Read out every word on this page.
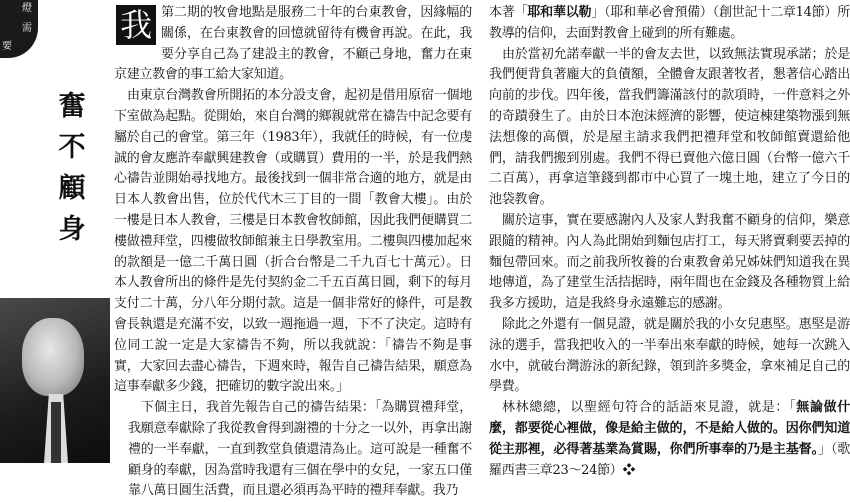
燈
需
要
奮
不
顧
身
我 第二期的牧會地點是服務二十年的台東教會，因緣幅的關係，在台東教會的回憶就留待有機會再說。在此，我要分享自己為了建設主的教會，不顧己身地，奮力在東京建立教會的事工給大家知道。

由東京台灣教會所開拓的本分設支會，起初是借用原宿一個地下室做為起點。從開始，來自台灣的鄉親就常在禱告中記念要有屬於自己的會堂。第三年（1983年），我就任的時候，有一位虔誠的會友應許奉獻興建教會（或購買）費用的一半，於是我們熱心禱告並開始尋找地方。最後找到一個非常合適的地方，就是由日本人教會出售，位於代代木三丁目的一間「教會大樓」。由於一樓是日本人教會，三樓是日本教會牧師館，因此我們便購買二樓做禮拜堂，四樓做牧師館兼主日學教室用。二樓與四樓加起來的款額是一億二千萬日圓（折合台幣是二千九百七十萬元）。日本人教會所出的條件是先付契約金二千五百萬日圓，剩下的每月支付二十萬，分八年分期付款。這是一個非常好的條件，可是教會長執還是充滿不安，以致一週拖過一週，下不了決定。這時有位同工說一定是大家禱告不夠，所以我就說：「禱告不夠是事實，大家回去盡心禱告，下週來時，報告自己禱告結果，願意為這事奉獻多少錢，把確切的數字說出來。」

下個主日，我首先報告自己的禱告結果：「為購買禮拜堂，我願意奉獻除了我從教會得到謝禮的十分之一以外，再拿出謝禮的一半奉獻，一直到教堂負債還清為止。這可說是一種奮不顧身的奉獻，因為當時我還有三個在學中的女兒，一家五口僅靠八萬日圓生活費，而且還必須再為平時的禮拜奉獻。我乃

本著「耶和華以勒」（耶和華必會預備）（創世記十二章14節）所教導的信仰，去面對教會上碰到的所有難處。

由於當初允諾奉獻一半的會友去世，以致無法實現承諾；於是我們便背負著龐大的負債額，全體會友跟著牧者，懇著信心踏出向前的步伐。四年後，當我們籌滿該付的款項時，一件意料之外的奇蹟發生了。由於日本泡沫經濟的影響，使這棟建築物漲到無法想像的高價，於是屋主請求我們把禮拜堂和牧師館賣還給他們，請我們搬到別處。我們不得已賣他六億日圓（台幣一億六千二百萬），再拿這筆錢到都市中心買了一塊土地，建立了今日的池袋教會。

關於這事，實在要感謝內人及家人對我奮不顧身的信仰，樂意跟隨的精神。內人為此開始到麵包店打工，每天將賣剩要丟掉的麵包帶回來。而之前我所牧養的台東教會弟兄姊妹們知道我在異地傳道，為了建堂生活拮据時，兩年間也在金錢及各種物質上給我多方援助，這是我終身永遠難忘的感謝。

除此之外還有一個見證，就是關於我的小女兒惠堅。惠堅是游泳的選手，當我把收入的一半奉出來奉獻的時候，她每一次跳入水中，就破台灣游泳的新紀錄，領到許多獎金，拿來補足自己的學費。

林林總總，以聖經句符合的話語來見證，就是：「無論做什麼，都要從心裡做，像是給主做的，不是給人做的。因你們知道從主那裡，必得著基業為賞賜，你們所事奉的乃是主基督。」（歌羅西書三章23～24節）❖
